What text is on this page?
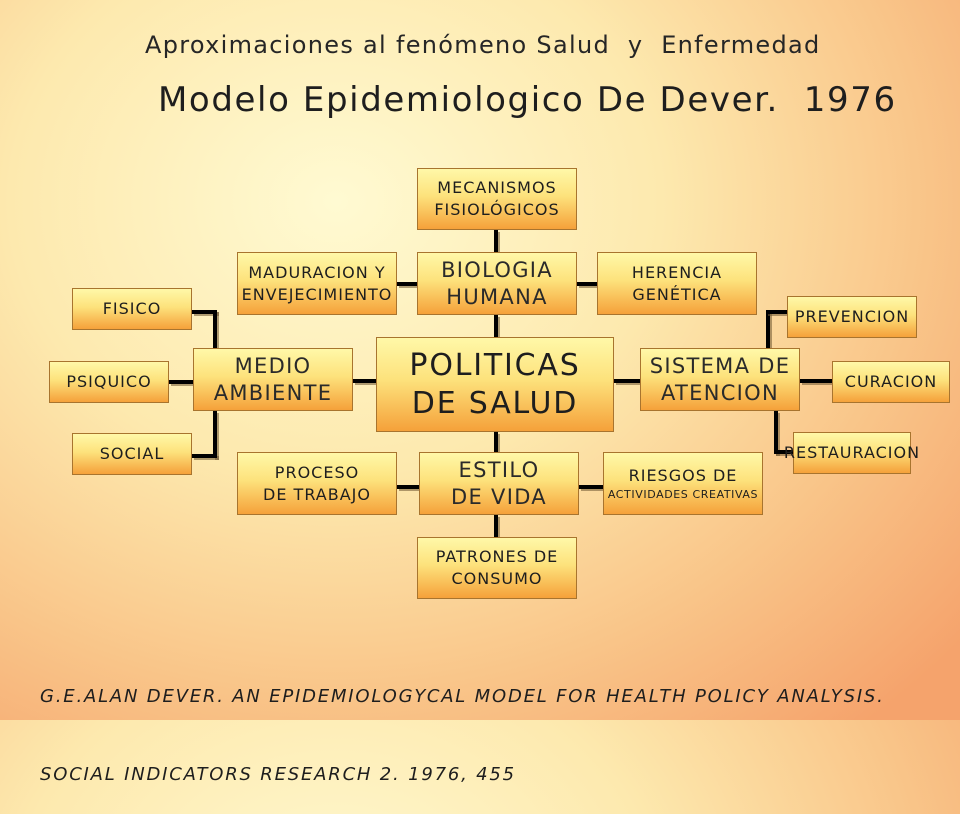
Aproximaciones al fenómeno Salud  y  Enfermedad
Modelo Epidemiologico De Dever.  1976
MECANISMOS
FISIOLÓGICOS
MADURACION Y
ENVEJECIMIENTO
BIOLOGIA
HUMANA
HERENCIA
GENÉTICA
FISICO	PREVENCION
PSIQUICO
MEDIO
AMBIENTE
POLITICAS
DE SALUD
SISTEMA DE
ATENCION	CURACION
SOCIAL	RESTAURACION
PROCESO
DE TRABAJO
ESTILO
DE VIDA
RIESGOS DE
ACTIVIDADES CREATIVAS
PATRONES DE
CONSUMO

G.E.ALAN DEVER. AN EPIDEMIOLOGYCAL MODEL FOR HEALTH POLICY ANALYSIS.

SOCIAL INDICATORS RESEARCH 2. 1976, 455
